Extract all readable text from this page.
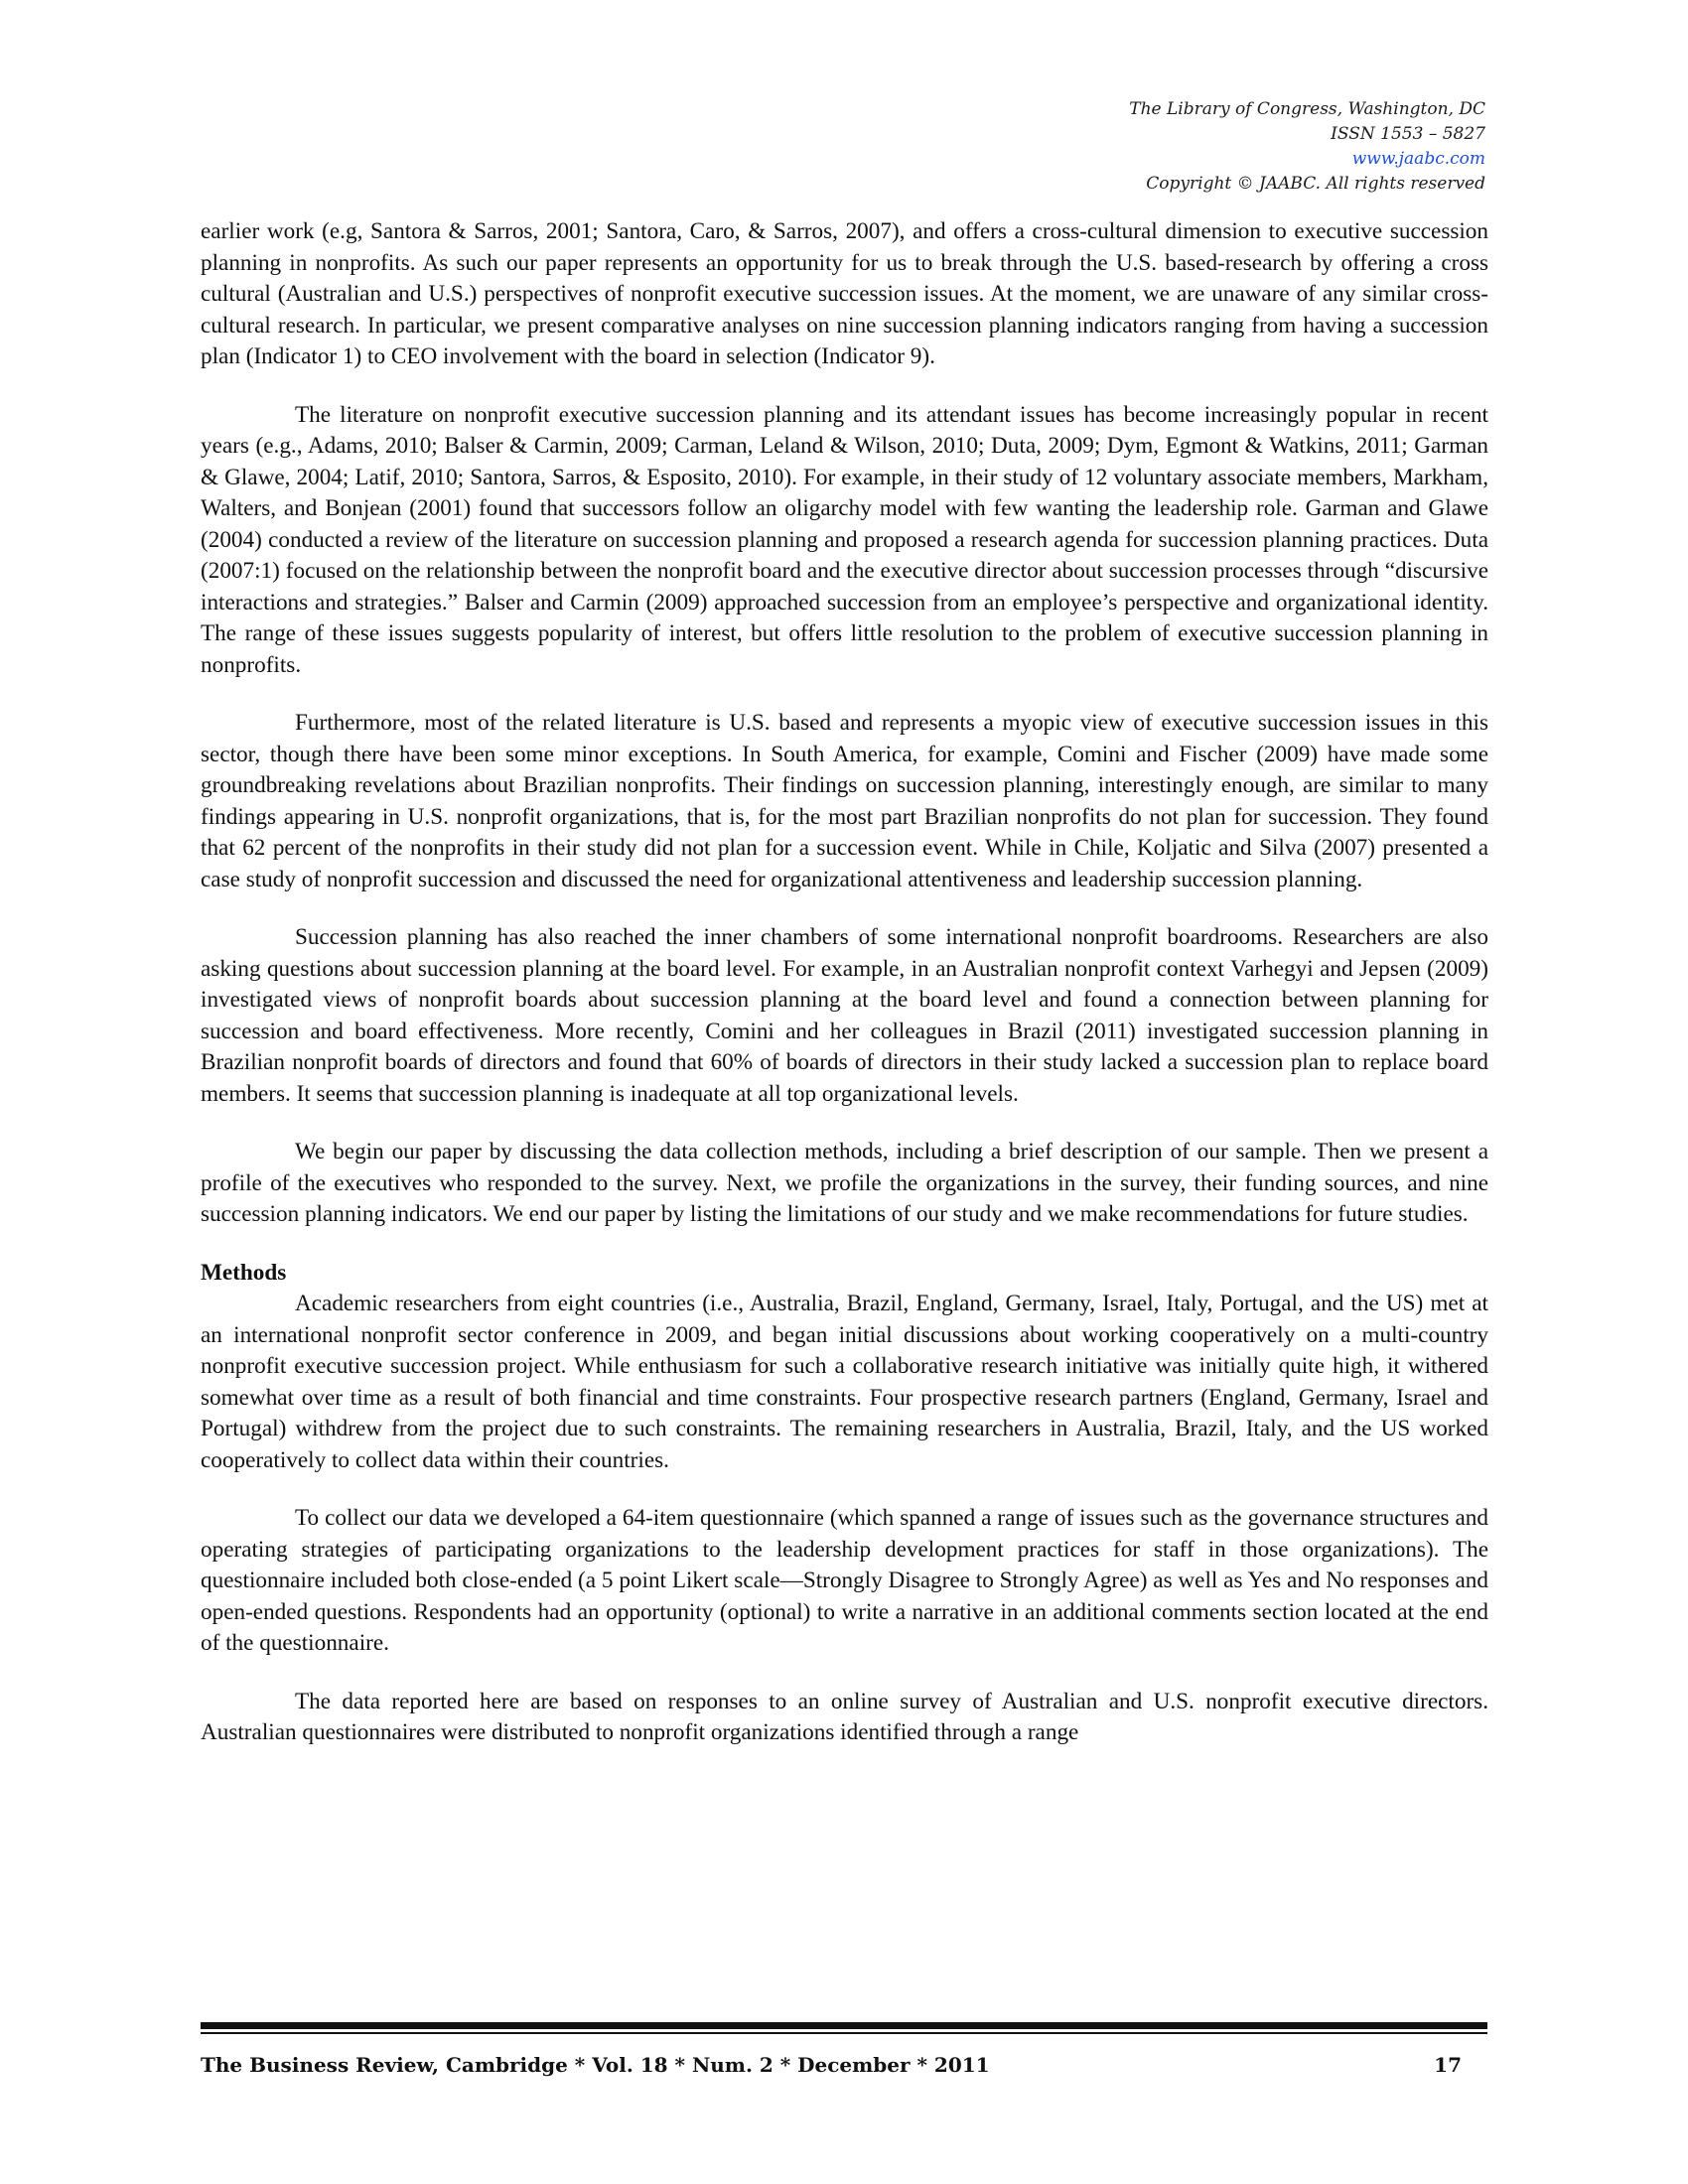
The Library of Congress, Washington, DC
ISSN 1553 – 5827
www.jaabc.com
Copyright © JAABC. All rights reserved

earlier work (e.g, Santora & Sarros, 2001; Santora, Caro, & Sarros, 2007), and offers a cross-cultural dimension to executive succession planning in nonprofits. As such our paper represents an opportunity for us to break through the U.S. based-research by offering a cross cultural (Australian and U.S.) perspectives of nonprofit executive succession issues. At the moment, we are unaware of any similar cross-cultural research. In particular, we present comparative analyses on nine succession planning indicators ranging from having a succession plan (Indicator 1) to CEO involvement with the board in selection (Indicator 9).

The literature on nonprofit executive succession planning and its attendant issues has become increasingly popular in recent years (e.g., Adams, 2010; Balser & Carmin, 2009; Carman, Leland & Wilson, 2010; Duta, 2009; Dym, Egmont & Watkins, 2011; Garman & Glawe, 2004; Latif, 2010; Santora, Sarros, & Esposito, 2010). For example, in their study of 12 voluntary associate members, Markham, Walters, and Bonjean (2001) found that successors follow an oligarchy model with few wanting the leadership role. Garman and Glawe (2004) conducted a review of the literature on succession planning and proposed a research agenda for succession planning practices. Duta (2007:1) focused on the relationship between the nonprofit board and the executive director about succession processes through “discursive interactions and strategies.” Balser and Carmin (2009) approached succession from an employee’s perspective and organizational identity. The range of these issues suggests popularity of interest, but offers little resolution to the problem of executive succession planning in nonprofits.

Furthermore, most of the related literature is U.S. based and represents a myopic view of executive succession issues in this sector, though there have been some minor exceptions. In South America, for example, Comini and Fischer (2009) have made some groundbreaking revelations about Brazilian nonprofits. Their findings on succession planning, interestingly enough, are similar to many findings appearing in U.S. nonprofit organizations, that is, for the most part Brazilian nonprofits do not plan for succession. They found that 62 percent of the nonprofits in their study did not plan for a succession event. While in Chile, Koljatic and Silva (2007) presented a case study of nonprofit succession and discussed the need for organizational attentiveness and leadership succession planning.

Succession planning has also reached the inner chambers of some international nonprofit boardrooms. Researchers are also asking questions about succession planning at the board level. For example, in an Australian nonprofit context Varhegyi and Jepsen (2009) investigated views of nonprofit boards about succession planning at the board level and found a connection between planning for succession and board effectiveness. More recently, Comini and her colleagues in Brazil (2011) investigated succession planning in Brazilian nonprofit boards of directors and found that 60% of boards of directors in their study lacked a succession plan to replace board members. It seems that succession planning is inadequate at all top organizational levels.

We begin our paper by discussing the data collection methods, including a brief description of our sample. Then we present a profile of the executives who responded to the survey. Next, we profile the organizations in the survey, their funding sources, and nine succession planning indicators. We end our paper by listing the limitations of our study and we make recommendations for future studies.

Methods

Academic researchers from eight countries (i.e., Australia, Brazil, England, Germany, Israel, Italy, Portugal, and the US) met at an international nonprofit sector conference in 2009, and began initial discussions about working cooperatively on a multi-country nonprofit executive succession project. While enthusiasm for such a collaborative research initiative was initially quite high, it withered somewhat over time as a result of both financial and time constraints. Four prospective research partners (England, Germany, Israel and Portugal) withdrew from the project due to such constraints. The remaining researchers in Australia, Brazil, Italy, and the US worked cooperatively to collect data within their countries.

To collect our data we developed a 64-item questionnaire (which spanned a range of issues such as the governance structures and operating strategies of participating organizations to the leadership development practices for staff in those organizations). The questionnaire included both close-ended (a 5 point Likert scale—Strongly Disagree to Strongly Agree) as well as Yes and No responses and open-ended questions. Respondents had an opportunity (optional) to write a narrative in an additional comments section located at the end of the questionnaire.

The data reported here are based on responses to an online survey of Australian and U.S. nonprofit executive directors. Australian questionnaires were distributed to nonprofit organizations identified through a range

The Business Review, Cambridge * Vol. 18 * Num. 2 * December * 2011	17
